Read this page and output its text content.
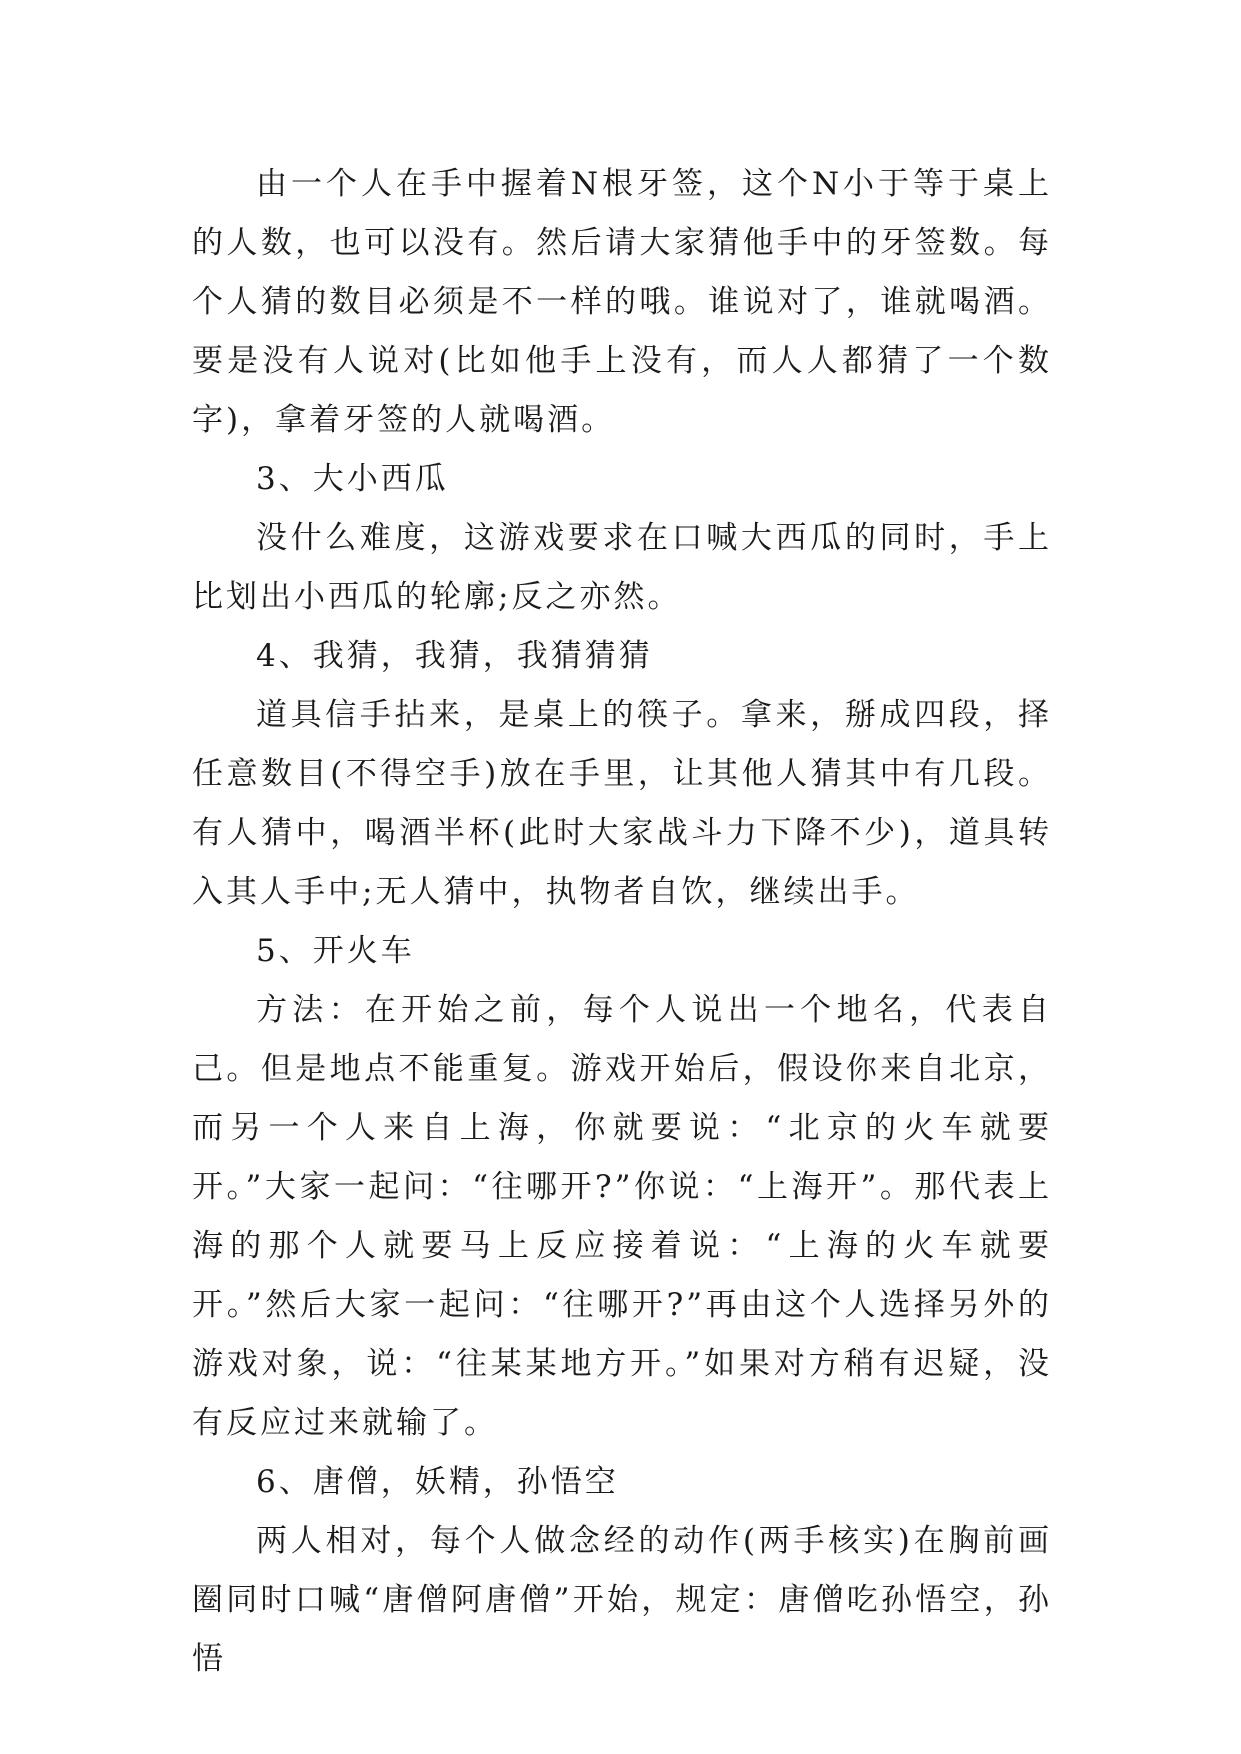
由一个人在手中握着N根牙签，这个N小于等于桌上的人数，也可以没有。然后请大家猜他手中的牙签数。每个人猜的数目必须是不一样的哦。谁说对了，谁就喝酒。要是没有人说对(比如他手上没有，而人人都猜了一个数字)，拿着牙签的人就喝酒。

3、大小西瓜

没什么难度，这游戏要求在口喊大西瓜的同时，手上比划出小西瓜的轮廓;反之亦然。

4、我猜，我猜，我猜猜猜

道具信手拈来，是桌上的筷子。拿来，掰成四段，择任意数目(不得空手)放在手里，让其他人猜其中有几段。有人猜中，喝酒半杯(此时大家战斗力下降不少)，道具转入其人手中;无人猜中，执物者自饮，继续出手。

5、开火车

方法：在开始之前，每个人说出一个地名，代表自己。但是地点不能重复。游戏开始后，假设你来自北京，而另一个人来自上海，你就要说：“北京的火车就要开。”大家一起问：“往哪开?”你说：“上海开”。那代表上海的那个人就要马上反应接着说：“上海的火车就要开。”然后大家一起问：“往哪开?”再由这个人选择另外的游戏对象，说：“往某某地方开。”如果对方稍有迟疑，没有反应过来就输了。

6、唐僧，妖精，孙悟空

两人相对，每个人做念经的动作(两手核实)在胸前画圈同时口喊“唐僧阿唐僧”开始，规定：唐僧吃孙悟空，孙悟
